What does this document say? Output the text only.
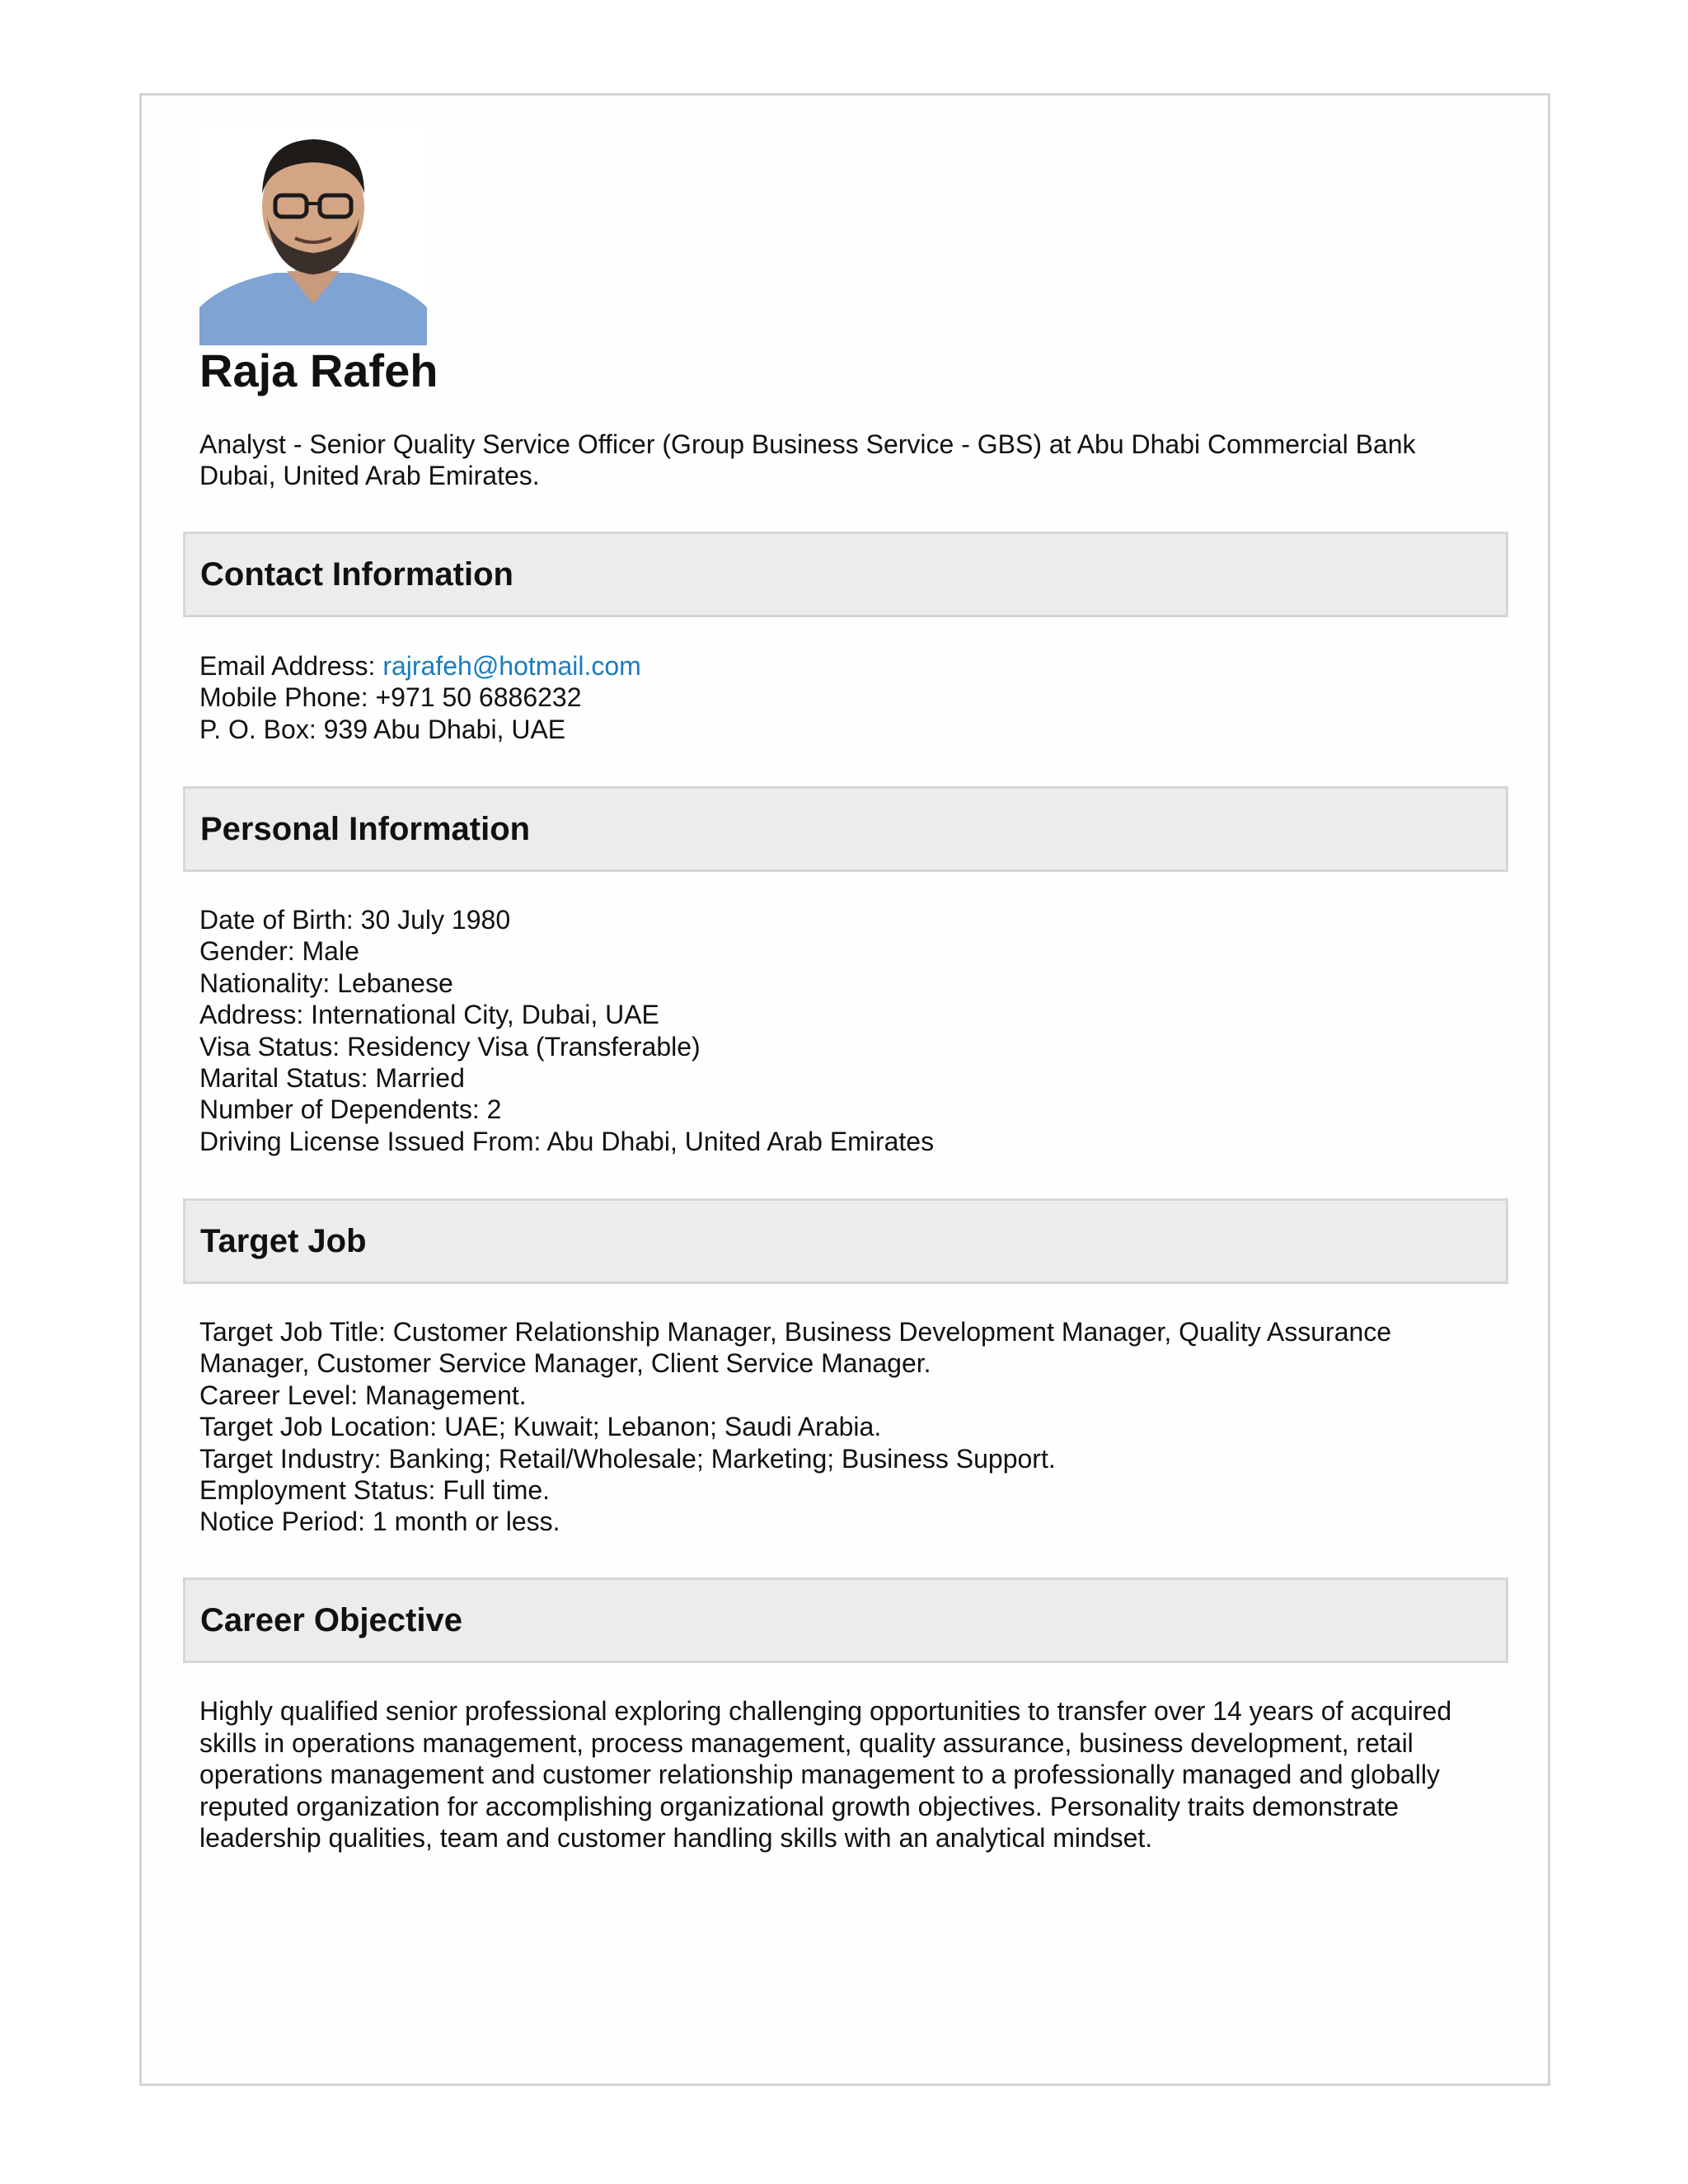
Raja Rafeh
Analyst - Senior Quality Service Officer (Group Business Service - GBS) at Abu Dhabi Commercial Bank Dubai, United Arab Emirates.
Contact Information
Email Address: rajrafeh@hotmail.com
Mobile Phone: +971 50 6886232
P. O. Box: 939 Abu Dhabi, UAE
Personal Information
Date of Birth: 30 July 1980
Gender: Male
Nationality: Lebanese
Address: International City, Dubai, UAE
Visa Status: Residency Visa (Transferable)
Marital Status: Married
Number of Dependents: 2
Driving License Issued From: Abu Dhabi, United Arab Emirates
Target Job
Target Job Title: Customer Relationship Manager, Business Development Manager, Quality Assurance Manager, Customer Service Manager, Client Service Manager.
Career Level: Management.
Target Job Location: UAE; Kuwait; Lebanon; Saudi Arabia.
Target Industry: Banking; Retail/Wholesale; Marketing; Business Support.
Employment Status: Full time.
Notice Period: 1 month or less.
Career Objective
Highly qualified senior professional exploring challenging opportunities to transfer over 14 years of acquired skills in operations management, process management, quality assurance, business development, retail operations management and customer relationship management to a professionally managed and globally reputed organization for accomplishing organizational growth objectives. Personality traits demonstrate leadership qualities, team and customer handling skills with an analytical mindset.
